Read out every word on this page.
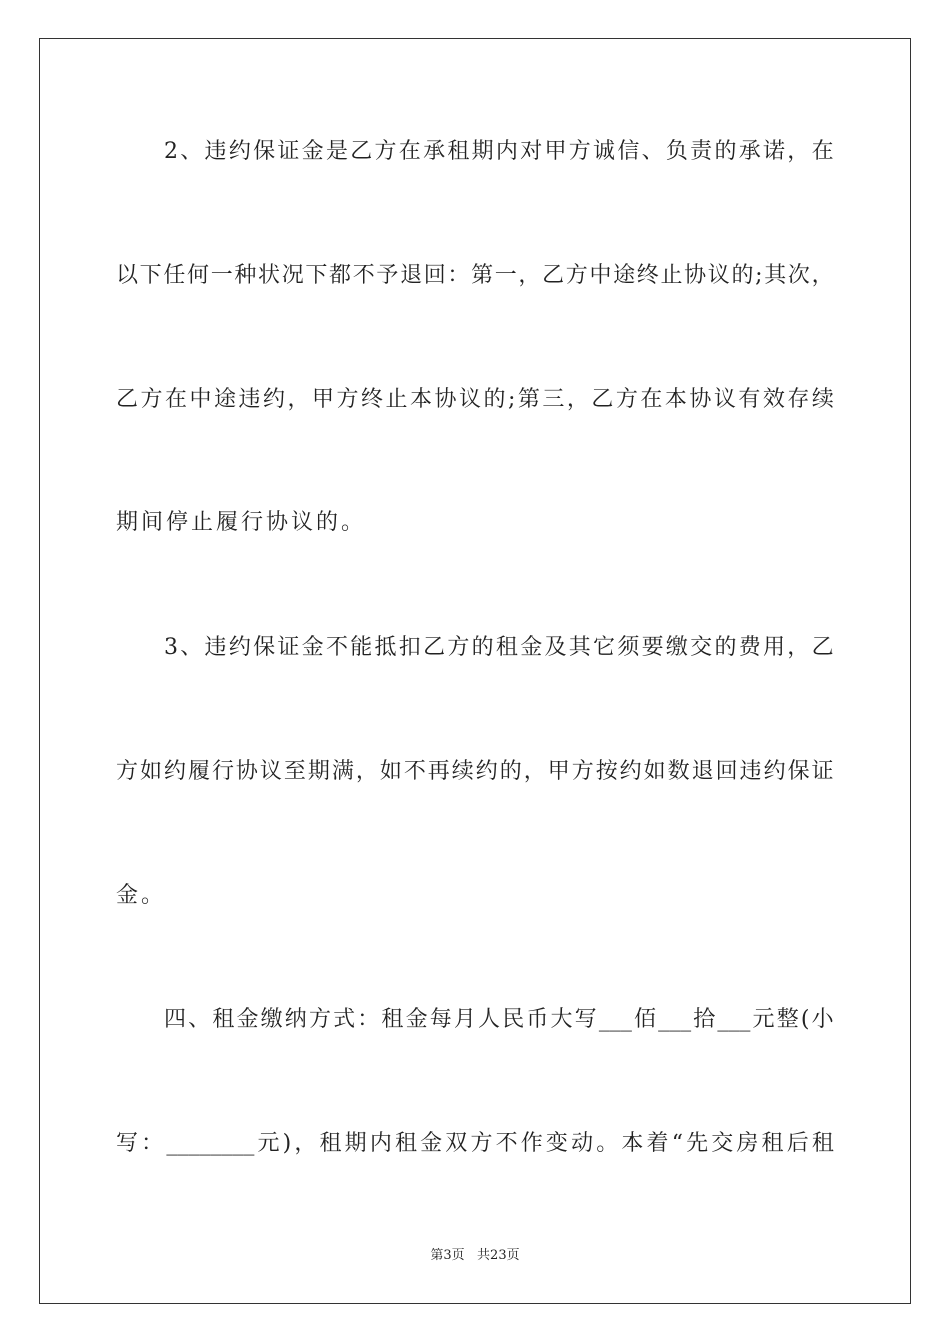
2 、 违 约 保 证 金 是 乙 方 在 承 租 期 内 对 甲 方 诚 信 、 负 责 的 承 诺 ， 在
以 下 任 何 一 种 状 况 下 都 不 予 退 回 ： 第 一 ， 乙 方 中 途 终 止 协 议 的 ; 其 次 ，
乙 方 在 中 途 违 约 ， 甲 方 终 止 本 协 议 的 ; 第 三 ， 乙 方 在 本 协 议 有 效 存 续
期间停止履行协议的。
3 、 违 约 保 证 金 不 能 抵 扣 乙 方 的 租 金 及 其 它 须 要 缴 交 的 费 用 ， 乙
方 如 约 履 行 协 议 至 期 满 ， 如 不 再 续 约 的 ， 甲 方 按 约 如 数 退 回 违 约 保 证
金。
四 、 租 金 缴 纳 方 式 ： 租 金 每 月 人 民 币 大 写 ___ 佰 ___ 拾 ___ 元 整 ( 小
写 ： ________ 元 ) ， 租 期 内 租 金 双 方 不 作 变 动 。 本 着 “ 先 交 房 租 后 租
第3页   共23页
